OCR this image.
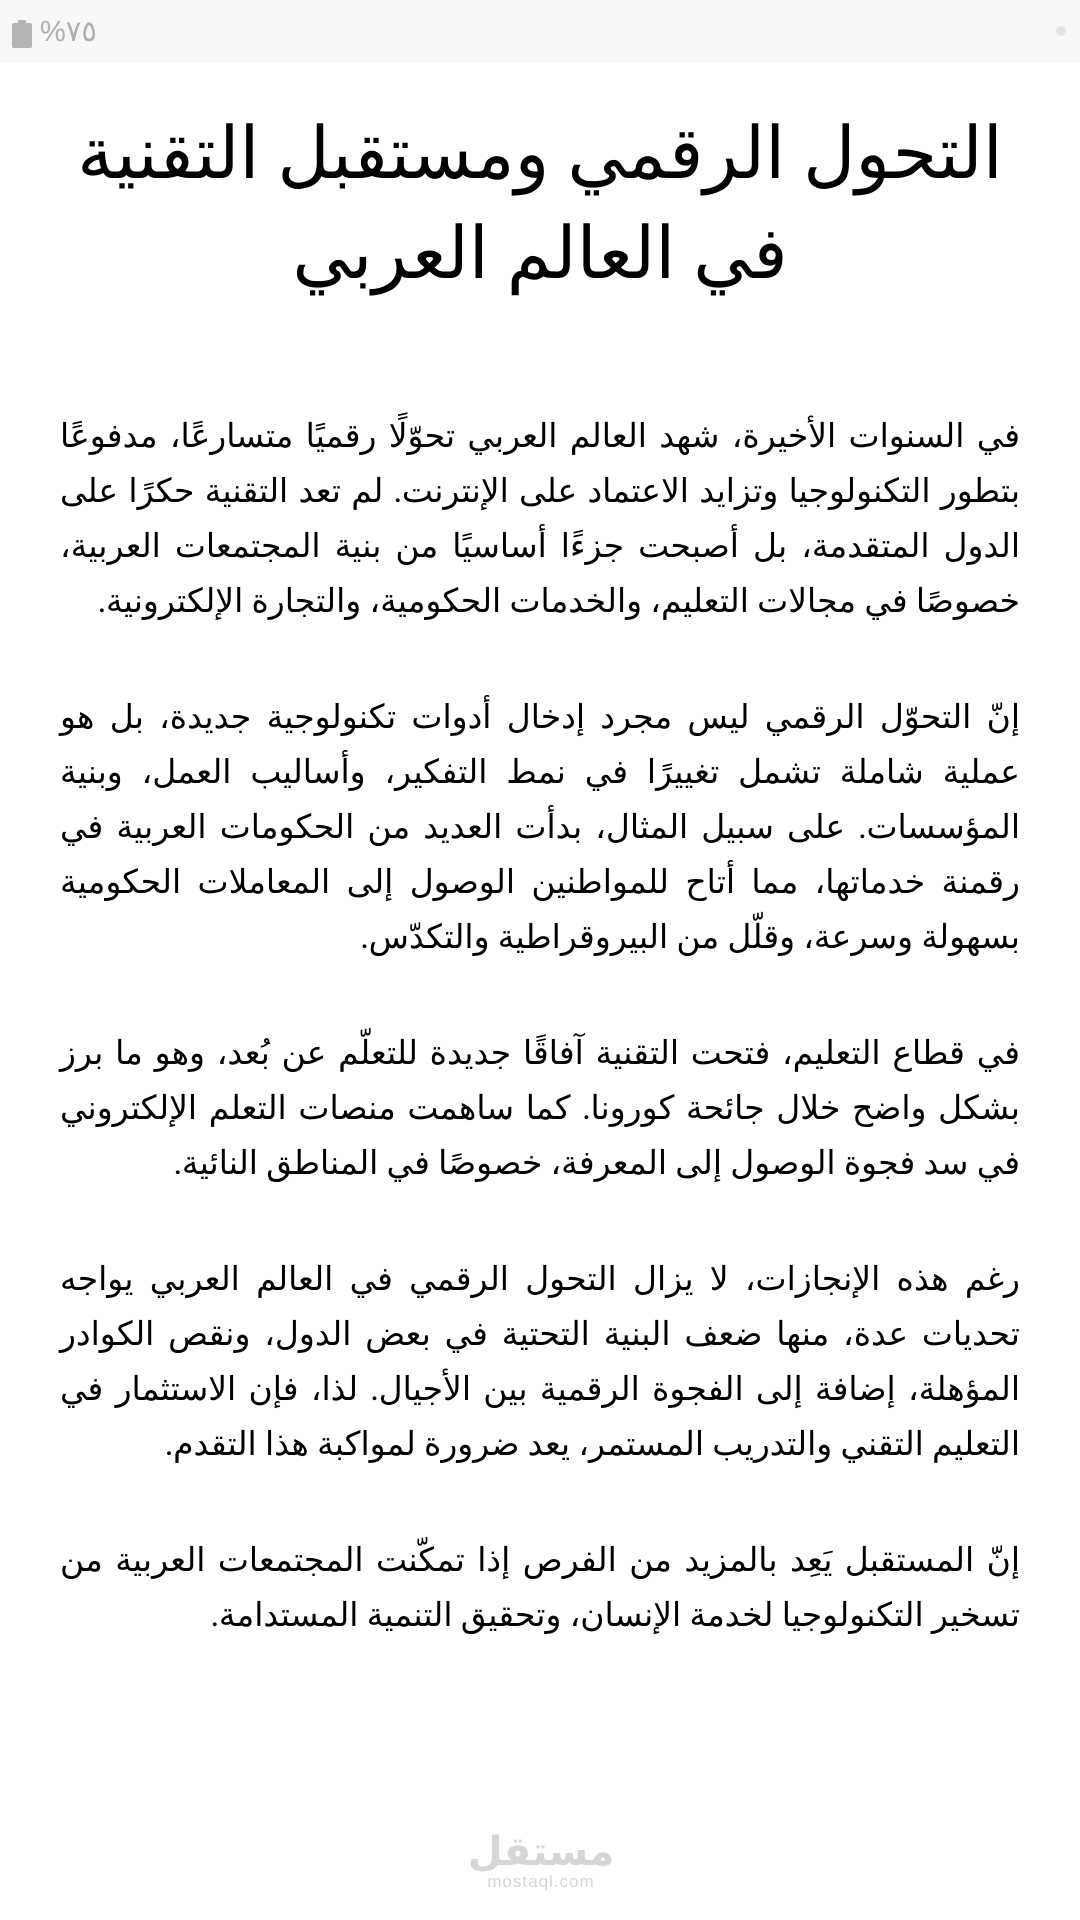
%٧٥
التحول الرقمي ومستقبل التقنية في العالم العربي

في السنوات الأخيرة، شهد العالم العربي تحوّلًا رقميًا متسارعًا، مدفوعًا بتطور التكنولوجيا وتزايد الاعتماد على الإنترنت. لم تعد التقنية حكرًا على الدول المتقدمة، بل أصبحت جزءًا أساسيًا من بنية المجتمعات العربية، خصوصًا في مجالات التعليم، والخدمات الحكومية، والتجارة الإلكترونية.

إنّ التحوّل الرقمي ليس مجرد إدخال أدوات تكنولوجية جديدة، بل هو عملية شاملة تشمل تغييرًا في نمط التفكير، وأساليب العمل، وبنية المؤسسات. على سبيل المثال، بدأت العديد من الحكومات العربية في رقمنة خدماتها، مما أتاح للمواطنين الوصول إلى المعاملات الحكومية بسهولة وسرعة، وقلّل من البيروقراطية والتكدّس.

في قطاع التعليم، فتحت التقنية آفاقًا جديدة للتعلّم عن بُعد، وهو ما برز بشكل واضح خلال جائحة كورونا. كما ساهمت منصات التعلم الإلكتروني في سد فجوة الوصول إلى المعرفة، خصوصًا في المناطق النائية.

رغم هذه الإنجازات، لا يزال التحول الرقمي في العالم العربي يواجه تحديات عدة، منها ضعف البنية التحتية في بعض الدول، ونقص الكوادر المؤهلة، إضافة إلى الفجوة الرقمية بين الأجيال. لذا، فإن الاستثمار في التعليم التقني والتدريب المستمر، يعد ضرورة لمواكبة هذا التقدم.

إنّ المستقبل يَعِد بالمزيد من الفرص إذا تمكّنت المجتمعات العربية من تسخير التكنولوجيا لخدمة الإنسان، وتحقيق التنمية المستدامة.

مستقل
mostaql.com
